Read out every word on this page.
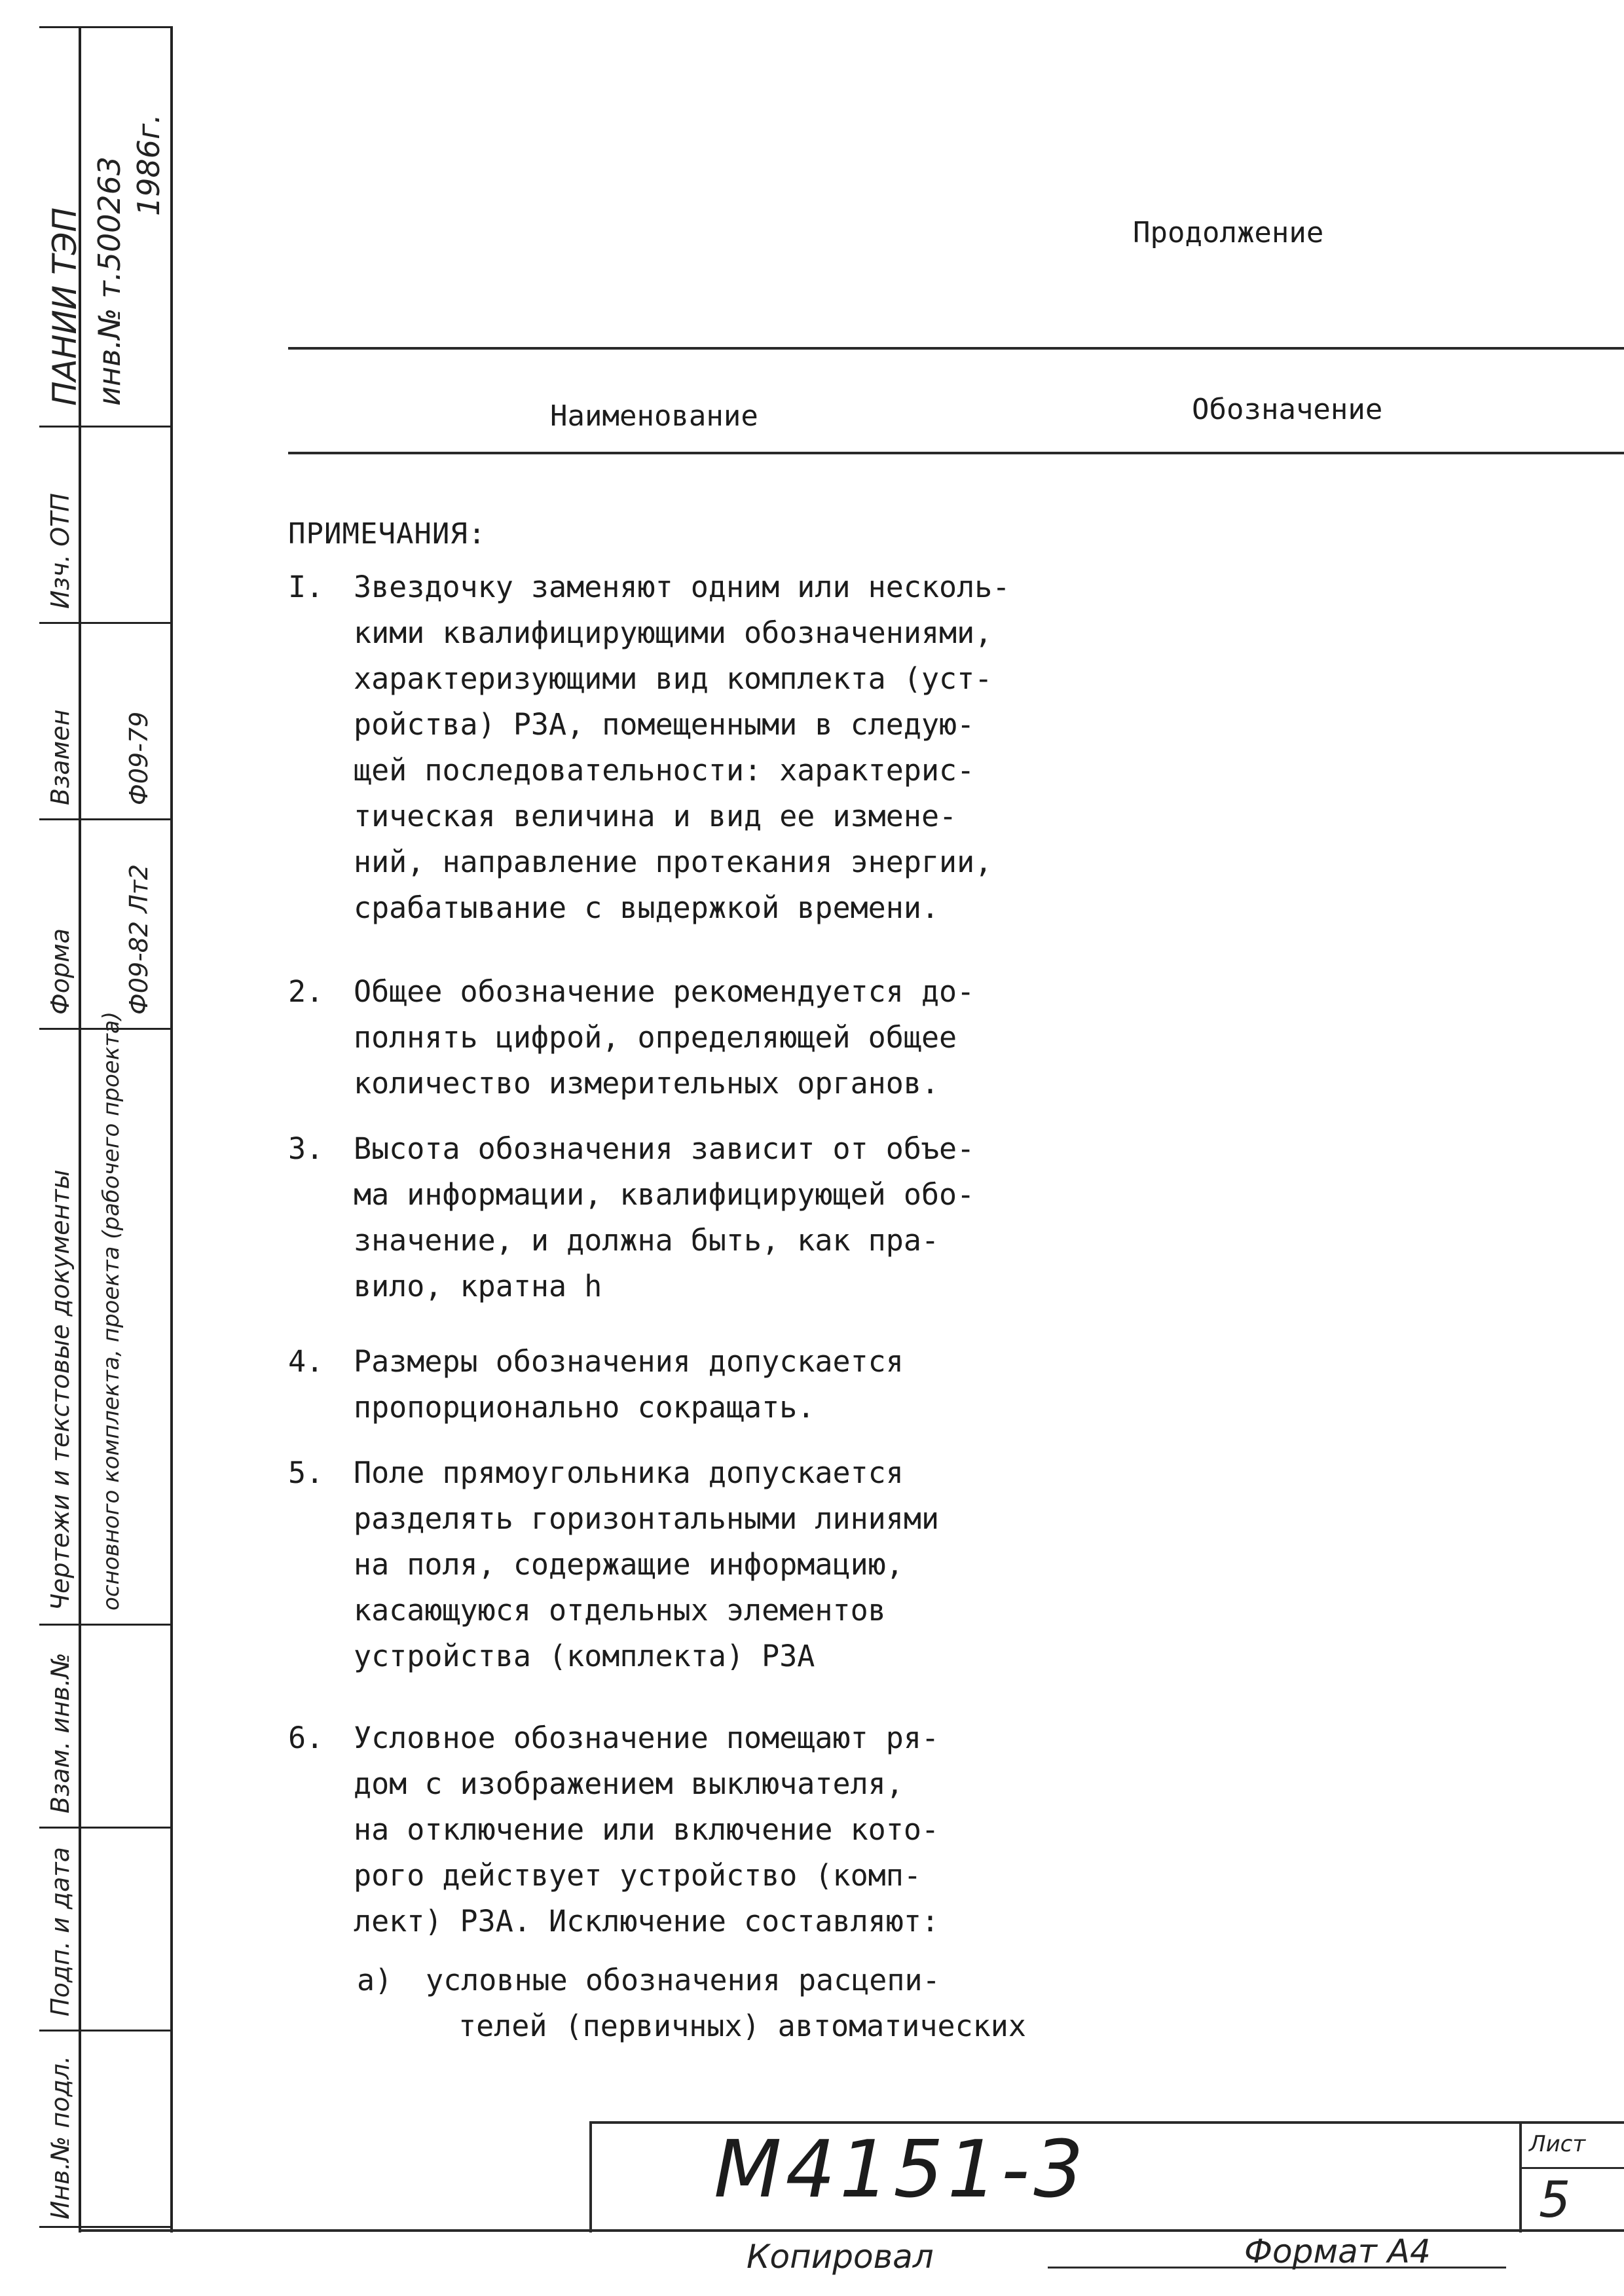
ПАНИИ ТЭП инв.№ т.500263 1986г.
Инв.№ подл.
Подп. и дата
Взам. инв.№
Чертежи и текстовые документы
Форма
Взамен
Изч. ОТП
основного комплекта, проекта (рабочего проекта)
Ф09-82 Лт2
Ф09-79
Продолжение
Наименование	Обозначение
ПРИМЕЧАНИЯ:
I. Звездочку заменяют одним или несколь-
кими квалифицирующими обозначениями,
характеризующими вид комплекта (уст-
ройства) РЗА, помещенными в следую-
щей последовательности: характерис-
тическая величина и вид ее измене-
ний, направление протекания энергии,
срабатывание с выдержкой времени.
2. Общее обозначение рекомендуется до-
полнять цифрой, определяющей общее
количество измерительных органов.
3. Высота обозначения зависит от объе-
ма информации, квалифицирующей обо-
значение, и должна быть, как пра-
вило, кратна h
4. Размеры обозначения допускается
пропорционально сокращать.
5. Поле прямоугольника допускается
разделять горизонтальными линиями
на поля, содержащие информацию,
касающуюся отдельных элементов
устройства (комплекта) РЗА
6. Условное обозначение помещают ря-
дом с изображением выключателя,
на отключение или включение кото-
рого действует устройство (комп-
лект) РЗА. Исключение составляют:
а) условные обозначения расцепи-
телей (первичных) автоматических
М4151-3	Лист
5
Копировал	Формат А4
